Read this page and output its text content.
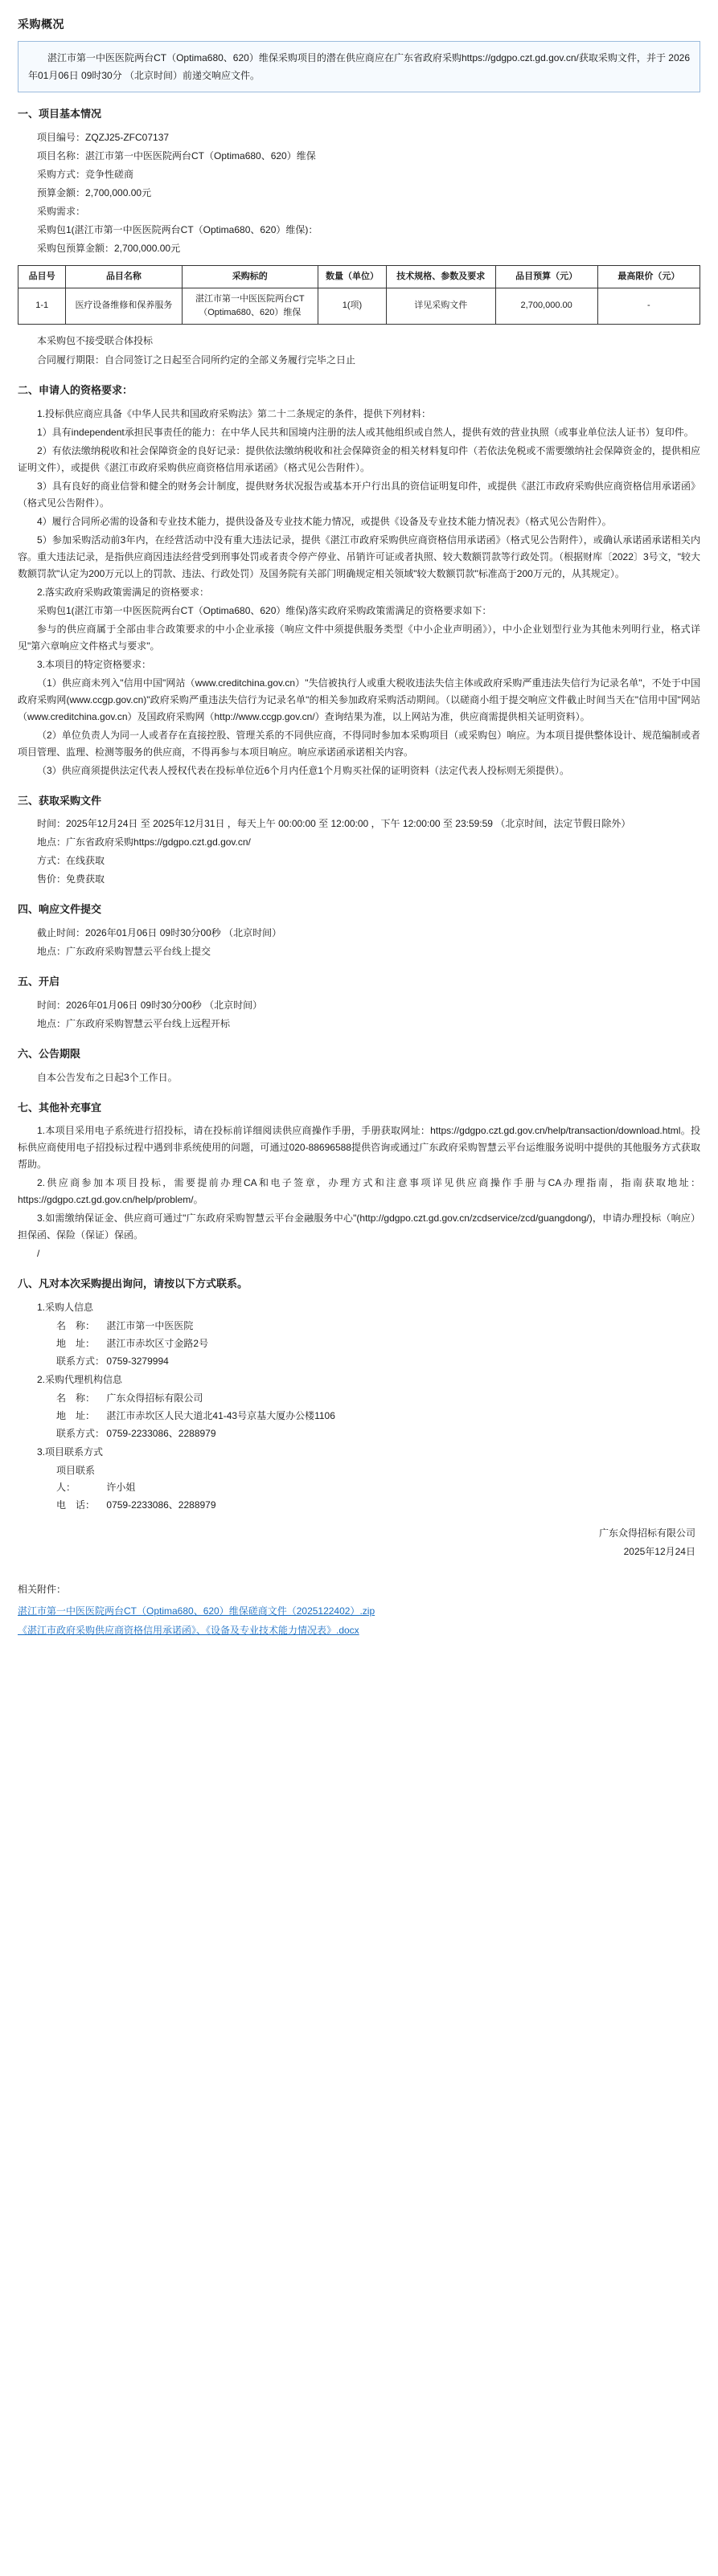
采购概况

湛江市第一中医医院两台CT（Optima680、620）维保采购项目的潜在供应商应在广东省政府采购https://gdgpo.czt.gd.gov.cn/获取采购文件，并于 2026年01月06日 09时30分 （北京时间）前递交响应文件。

一、项目基本情况

项目编号：ZQZJ25-ZFC07137

项目名称：湛江市第一中医医院两台CT（Optima680、620）维保

采购方式：竞争性磋商

预算金额：2,700,000.00元

采购需求：

采购包1(湛江市第一中医医院两台CT（Optima680、620）维保)：

采购包预算金额：2,700,000.00元

品目号	品目名称	采购标的	数量（单位）	技术规格、参数及要求	品目预算（元）	最高限价（元）
1-1	医疗设备维修和保养服务	湛江市第一中医医院两台CT（Optima680、620）维保	1(项)	详见采购文件	2,700,000.00	-

本采购包不接受联合体投标

合同履行期限：自合同签订之日起至合同所约定的全部义务履行完毕之日止

二、申请人的资格要求：

1.投标供应商应具备《中华人民共和国政府采购法》第二十二条规定的条件，提供下列材料：

1）具有independent承担民事责任的能力：在中华人民共和国境内注册的法人或其他组织或自然人，提供有效的营业执照（或事业单位法人证书）复印件。

2）有依法缴纳税收和社会保障资金的良好记录：提供依法缴纳税收和社会保障资金的相关材料复印件（若依法免税或不需要缴纳社会保障资金的，提供相应证明文件），或提供《湛江市政府采购供应商资格信用承诺函》（格式见公告附件）。

3）具有良好的商业信誉和健全的财务会计制度，提供财务状况报告或基本开户行出具的资信证明复印件，或提供《湛江市政府采购供应商资格信用承诺函》（格式见公告附件）。

4）履行合同所必需的设备和专业技术能力，提供设备及专业技术能力情况，或提供《设备及专业技术能力情况表》（格式见公告附件）。

5）参加采购活动前3年内，在经营活动中没有重大违法记录，提供《湛江市政府采购供应商资格信用承诺函》（格式见公告附件），或确认承诺函承诺相关内容。重大违法记录，是指供应商因违法经营受到刑事处罚或者责令停产停业、吊销许可证或者执照、较大数额罚款等行政处罚。（根据财库〔2022〕3号文，"较大数额罚款"认定为200万元以上的罚款、违法、行政处罚）及国务院有关部门明确规定相关领域"较大数额罚款"标准高于200万元的，从其规定）。

2.落实政府采购政策需满足的资格要求：

采购包1(湛江市第一中医医院两台CT（Optima680、620）维保)落实政府采购政策需满足的资格要求如下：

参与的供应商属于全部由非合政策要求的中小企业承接（响应文件中须提供服务类型《中小企业声明函》），中小企业划型行业为其他未列明行业，格式详见"第六章响应文件格式与要求"。

3.本项目的特定资格要求：

（1）供应商未列入"信用中国"网站（www.creditchina.gov.cn）"失信被执行人或重大税收违法失信主体或政府采购严重违法失信行为记录名单"，不处于中国政府采购网(www.ccgp.gov.cn)"政府采购严重违法失信行为记录名单"的相关参加政府采购活动期间。（以磋商小组于提交响应文件截止时间当天在"信用中国"网站（www.creditchina.gov.cn）及国政府采购网（http://www.ccgp.gov.cn/）查询结果为准，以上网站为准，供应商需提供相关证明资料）。

（2）单位负责人为同一人或者存在直接控股、管理关系的不同供应商，不得同时参加本采购项目（或采购包）响应。为本项目提供整体设计、规范编制或者项目管理、监理、检测等服务的供应商，不得再参与本项目响应。响应承诺函承诺相关内容。

（3）供应商须提供法定代表人授权代表在投标单位近6个月内任意1个月购买社保的证明资料（法定代表人投标则无须提供）。

三、获取采购文件

时间：2025年12月24日 至 2025年12月31日 ，每天上午 00:00:00 至 12:00:00 ，下午 12:00:00 至 23:59:59 （北京时间，法定节假日除外）

地点：广东省政府采购https://gdgpo.czt.gd.gov.cn/

方式：在线获取

售价：免费获取

四、响应文件提交

截止时间：2026年01月06日 09时30分00秒 （北京时间）

地点：广东政府采购智慧云平台线上提交

五、开启

时间：2026年01月06日 09时30分00秒 （北京时间）

地点：广东政府采购智慧云平台线上远程开标

六、公告期限

自本公告发布之日起3个工作日。

七、其他补充事宜

1.本项目采用电子系统进行招投标，请在投标前详细阅读供应商操作手册，手册获取网址：https://gdgpo.czt.gd.gov.cn/help/transaction/download.html。投标供应商使用电子招投标过程中遇到非系统使用的问题，可通过020-88696588提供咨询或通过广东政府采购智慧云平台运维服务说明中提供的其他服务方式获取帮助。

2.供应商参加本项目投标，需要提前办理CA和电子签章，办理方式和注意事项详见供应商操作手册与CA办理指南，指南获取地址：https://gdgpo.czt.gd.gov.cn/help/problem/。

3.如需缴纳保证金、供应商可通过"广东政府采购智慧云平台金融服务中心"(http://gdgpo.czt.gd.gov.cn/zcdservice/zcd/guangdong/)，申请办理投标（响应）担保函、保险（保证）保函。

/

八、凡对本次采购提出询问，请按以下方式联系。

1.采购人信息

名　称： 湛江市第一中医医院

地　址： 湛江市赤坎区寸金路2号

联系方式： 0759-3279994

2.采购代理机构信息

名　称： 广东众得招标有限公司

地　址： 湛江市赤坎区人民大道北41-43号京基大厦办公楼1106

联系方式： 0759-2233086、2288979

3.项目联系方式

项目联系人：	许小姐

电　话： 0759-2233086、2288979

广东众得招标有限公司
2025年12月24日

相关附件：

湛江市第一中医医院两台CT（Optima680、620）维保磋商文件（2025122402）.zip
《湛江市政府采购供应商资格信用承诺函》、《设备及专业技术能力情况表》.docx
